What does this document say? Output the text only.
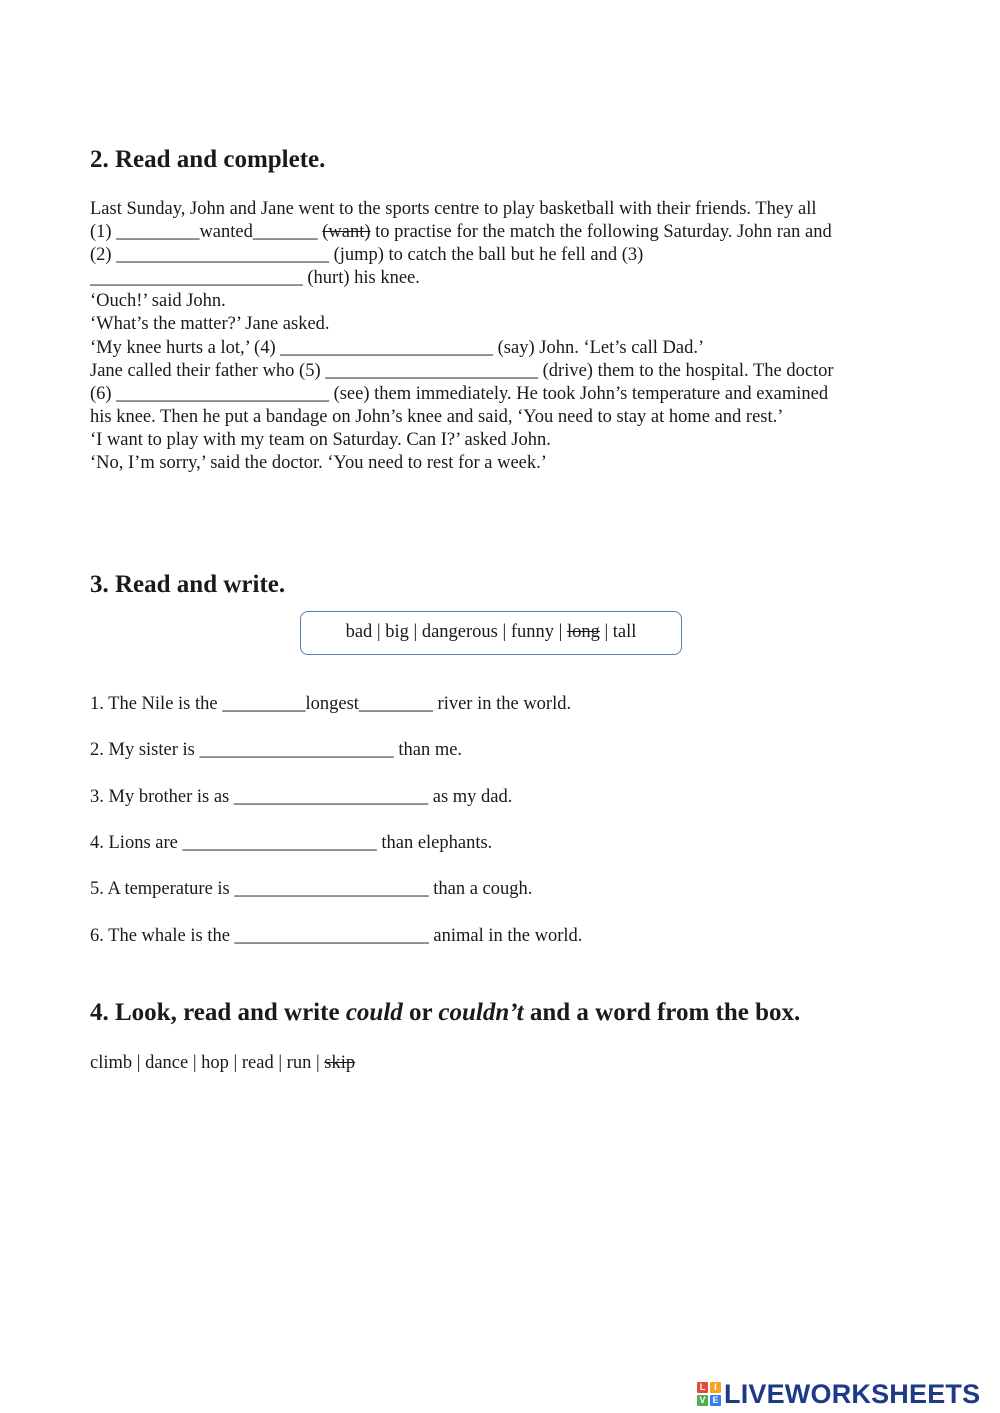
2. Read and complete.
Last Sunday, John and Jane went to the sports centre to play basketball with their friends. They all
(1) _________wanted_______ (want) to practise for the match the following Saturday. John ran and
(2) _______________________ (jump) to catch the ball but he fell and (3)
_______________________ (hurt) his knee.
‘Ouch!’ said John.
‘What’s the matter?’ Jane asked.
‘My knee hurts a lot,’ (4) _______________________ (say) John. ‘Let’s call Dad.’
Jane called their father who (5) _______________________ (drive) them to the hospital. The doctor
(6) _______________________ (see) them immediately. He took John’s temperature and examined
his knee. Then he put a bandage on John’s knee and said, ‘You need to stay at home and rest.’
‘I want to play with my team on Saturday. Can I?’ asked John.
‘No, I’m sorry,’ said the doctor. ‘You need to rest for a week.’
3. Read and write.
bad | big | dangerous | funny | long | tall
1. The Nile is the _________longest________ river in the world.
2. My sister is _____________________ than me.
3. My brother is as _____________________ as my dad.
4. Lions are _____________________ than elephants.
5. A temperature is _____________________ than a cough.
6. The whale is the _____________________ animal in the world.
4. Look, read and write could or couldn’t and a word from the box.
climb | dance | hop | read | run | skip
L I
V E LIVEWORKSHEETS
